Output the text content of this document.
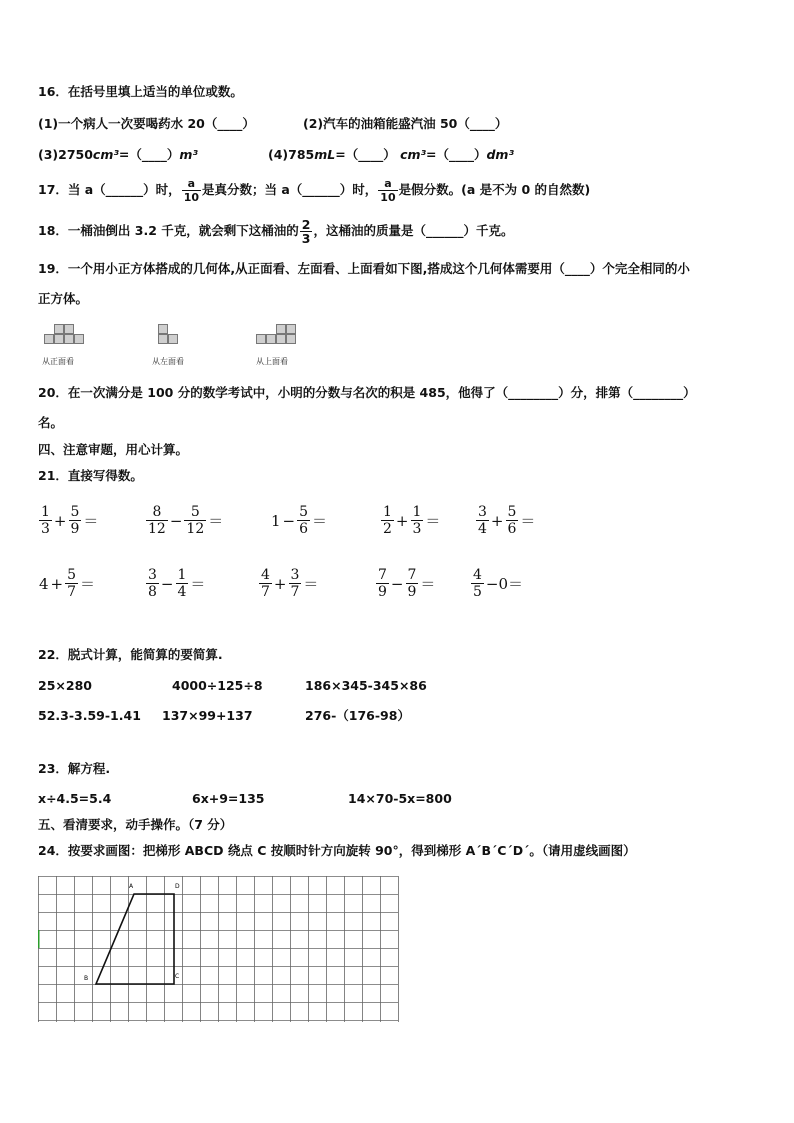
16．在括号里填上适当的单位或数。
(1)一个病人一次要喝药水 20（____）	(2)汽车的油箱能盛汽油 50（____）
(3)2750cm³=（____）m³	(4)785mL=（____） cm³=（____）dm³
17．当 a（______）时， $\frac{a}{10}$ 是真分数；当 a（______）时， $\frac{a}{10}$ 是假分数。(a 是不为 0 的自然数)
18．一桶油倒出 3.2 千克，就会剩下这桶油的 $\frac{2}{3}$ ，这桶油的质量是（______）千克。
19．一个用小正方体搭成的几何体,从正面看、左面看、上面看如下图,搭成这个几何体需要用（____）个完全相同的小
正方体。
从正面看	从左面看	从上面看
20．在一次满分是 100 分的数学考试中，小明的分数与名次的积是 485，他得了（________）分，排第（________）
名。
四、注意审题，用心计算。
21．直接写得数。
$\frac{1}{3} + \frac{5}{9}$ ＝	$\frac{8}{12} - \frac{5}{12}$ ＝	$1 - \frac{5}{6}$ ＝	$\frac{1}{2} + \frac{1}{3}$ ＝	$\frac{3}{4} + \frac{5}{6}$ ＝
$4 + \frac{5}{7}$ ＝	$\frac{3}{8} - \frac{1}{4}$ ＝	$\frac{4}{7} + \frac{3}{7}$ ＝	$\frac{7}{9} - \frac{7}{9}$ ＝	$\frac{4}{5} -0=$
22．脱式计算，能简算的要简算.
25×280	4000÷125÷8	186×345-345×86
52.3-3.59-1.41 137×99+137	276-（176-98）
23．解方程.
x÷4.5=5.4	6x+9=135	14×70-5x=800
五、看清要求，动手操作。（7 分）
24．按要求画图：把梯形 ABCD 绕点 C 按顺时针方向旋转 90°，得到梯形 A´B´C´D´。（请用虚线画图）
A	D
B	C
